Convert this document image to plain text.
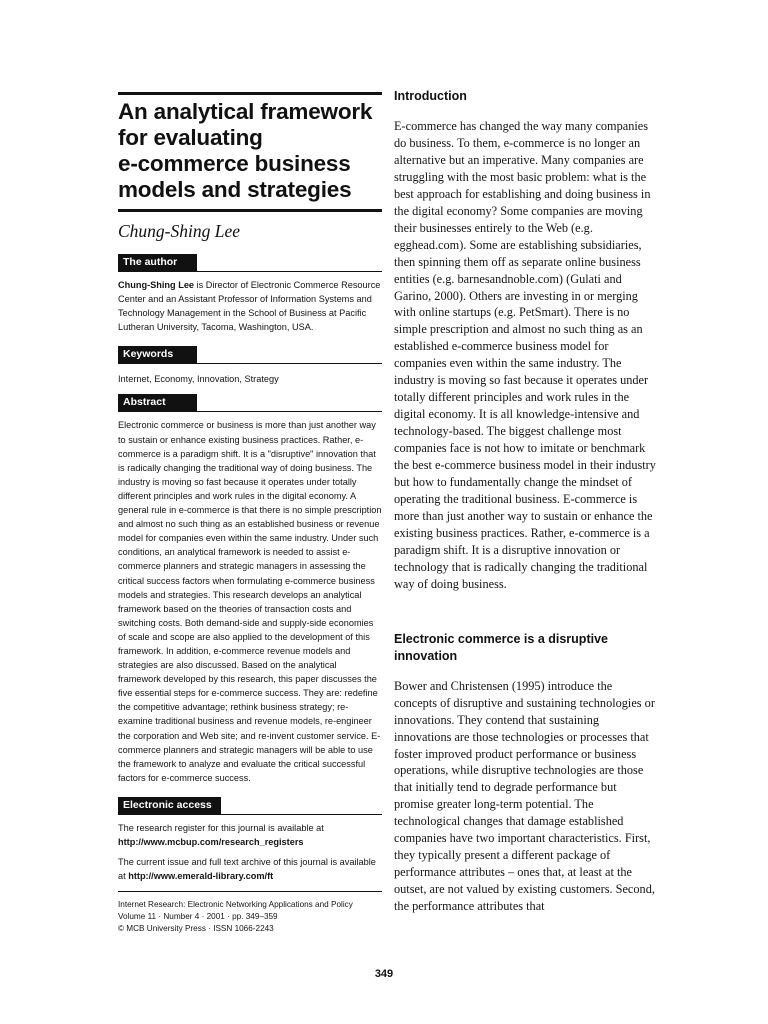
An analytical framework
for evaluating
e-commerce business
models and strategies

Chung-Shing Lee

The author

Chung-Shing Lee is Director of Electronic Commerce Resource Center and an Assistant Professor of Information Systems and Technology Management in the School of Business at Pacific Lutheran University, Tacoma, Washington, USA.

Keywords

Internet, Economy, Innovation, Strategy

Abstract

Electronic commerce or business is more than just another way to sustain or enhance existing business practices. Rather, e-commerce is a paradigm shift. It is a "disruptive" innovation that is radically changing the traditional way of doing business. The industry is moving so fast because it operates under totally different principles and work rules in the digital economy. A general rule in e-commerce is that there is no simple prescription and almost no such thing as an established business or revenue model for companies even within the same industry. Under such conditions, an analytical framework is needed to assist e-commerce planners and strategic managers in assessing the critical success factors when formulating e-commerce business models and strategies. This research develops an analytical framework based on the theories of transaction costs and switching costs. Both demand-side and supply-side economies of scale and scope are also applied to the development of this framework. In addition, e-commerce revenue models and strategies are also discussed. Based on the analytical framework developed by this research, this paper discusses the five essential steps for e-commerce success. They are: redefine the competitive advantage; rethink business strategy; re-examine traditional business and revenue models, re-engineer the corporation and Web site; and re-invent customer service. E-commerce planners and strategic managers will be able to use the framework to analyze and evaluate the critical successful factors for e-commerce success.

Electronic access

The research register for this journal is available at
http://www.mcbup.com/research_registers

The current issue and full text archive of this journal is available at http://www.emerald-library.com/ft

Internet Research: Electronic Networking Applications and Policy
Volume 11 · Number 4 · 2001 · pp. 349–359
© MCB University Press · ISSN 1066-2243
Introduction

E-commerce has changed the way many companies do business. To them, e-commerce is no longer an alternative but an imperative. Many companies are struggling with the most basic problem: what is the best approach for establishing and doing business in the digital economy? Some companies are moving their businesses entirely to the Web (e.g. egghead.com). Some are establishing subsidiaries, then spinning them off as separate online business entities (e.g. barnesandnoble.com) (Gulati and Garino, 2000). Others are investing in or merging with online startups (e.g. PetSmart). There is no simple prescription and almost no such thing as an established e-commerce business model for companies even within the same industry. The industry is moving so fast because it operates under totally different principles and work rules in the digital economy. It is all knowledge-intensive and technology-based. The biggest challenge most companies face is not how to imitate or benchmark the best e-commerce business model in their industry but how to fundamentally change the mindset of operating the traditional business. E-commerce is more than just another way to sustain or enhance the existing business practices. Rather, e-commerce is a paradigm shift. It is a disruptive innovation or technology that is radically changing the traditional way of doing business.

Electronic commerce is a disruptive innovation

Bower and Christensen (1995) introduce the concepts of disruptive and sustaining technologies or innovations. They contend that sustaining innovations are those technologies or processes that foster improved product performance or business operations, while disruptive technologies are those that initially tend to degrade performance but promise greater long-term potential. The technological changes that damage established companies have two important characteristics. First, they typically present a different package of performance attributes – ones that, at least at the outset, are not valued by existing customers. Second, the performance attributes that

349
